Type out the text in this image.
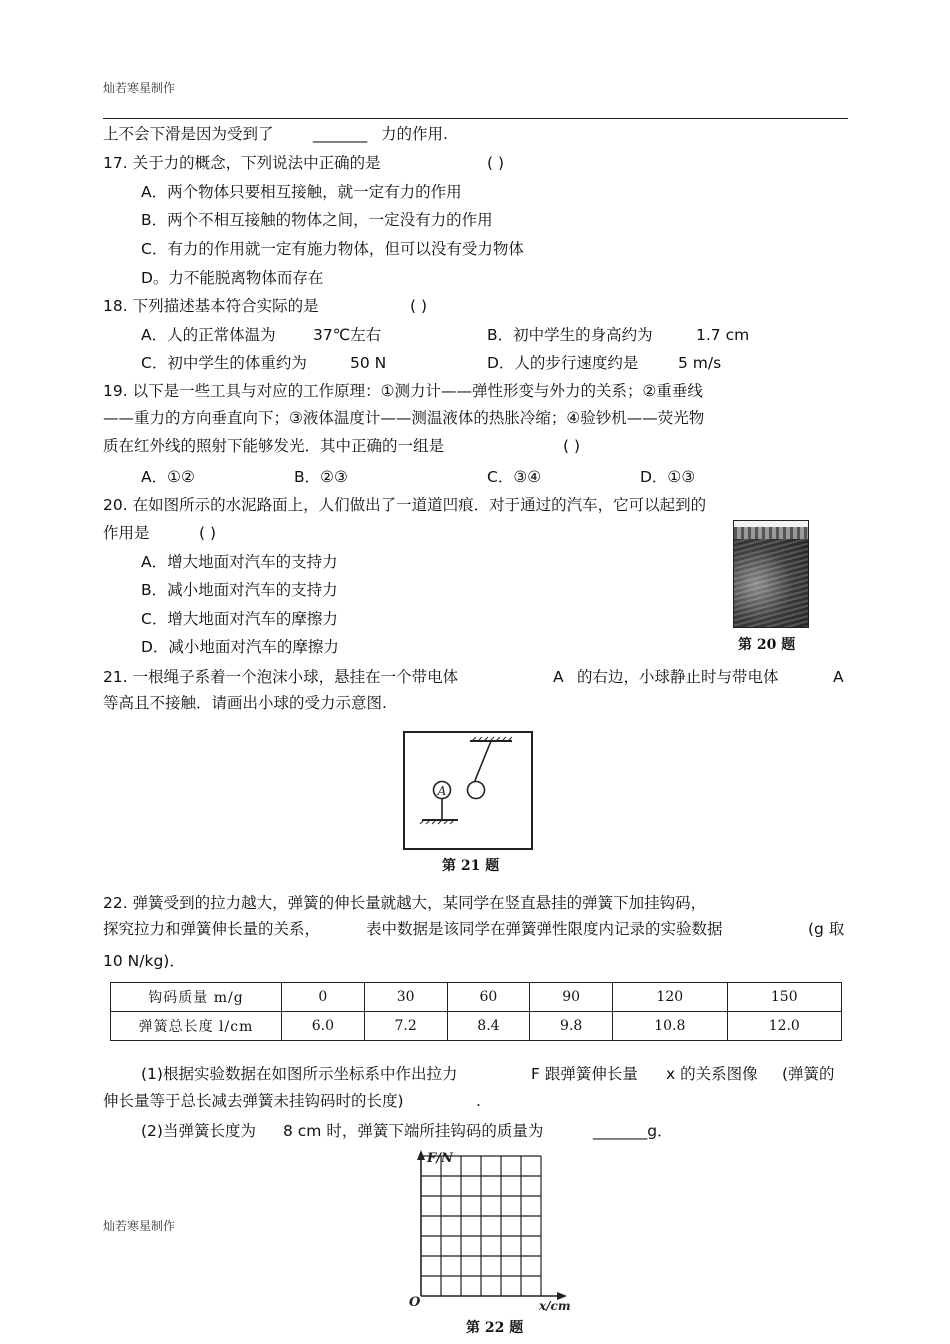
灿若寒星制作
上不会下滑是因为受到了	_______ 力的作用.
17. 关于力的概念，下列说法中正确的是	( )
A．两个物体只要相互接触，就一定有力的作用
B．两个不相互接触的物体之间，一定没有力的作用
C．有力的作用就一定有施力物体，但可以没有受力物体
D。力不能脱离物体而存在
18. 下列描述基本符合实际的是	( )
A．人的正常体温为 37℃左右	B．初中学生的身高约为	1.7 cm
C．初中学生的体重约为	50 N	D．人的步行速度约是	5 m/s
19. 以下是一些工具与对应的工作原理：①测力计——弹性形变与外力的关系；②重垂线
——重力的方向垂直向下；③液体温度计——测温液体的热胀冷缩；④验钞机——荧光物
质在红外线的照射下能够发光．其中正确的一组是	( )
A．①②	B．②③	C．③④	D．①③
20. 在如图所示的水泥路面上，人们做出了一道道凹痕．对于通过的汽车，它可以起到的
作用是	( )
A．增大地面对汽车的支持力
B．减小地面对汽车的支持力
C．增大地面对汽车的摩擦力
D．减小地面对汽车的摩擦力	第 20 题
21. 一根绳子系着一个泡沫小球，悬挂在一个带电体	A 的右边，小球静止时与带电体	A
等高且不接触．请画出小球的受力示意图.
A
第 21 题
22. 弹簧受到的拉力越大，弹簧的伸长量就越大，某同学在竖直悬挂的弹簧下加挂钩码，
探究拉力和弹簧伸长量的关系，	表中数据是该同学在弹簧弹性限度内记录的实验数据	(g 取
10 N/kg)．
钩码质量 m/g	0	30	60	90	120	150
弹簧总长度 l/cm	6.0	7.2	8.4	9.8	10.8	12.0
(1)根据实验数据在如图所示坐标系中作出拉力	F 跟弹簧伸长量 x 的关系图像 (弹簧的
伸长量等于总长减去弹簧未挂钩码时的长度)	.
(2)当弹簧长度为 8 cm 时，弹簧下端所挂钩码的质量为	_______g．
F/N
x/cm
O
第 22 题
灿若寒星制作
